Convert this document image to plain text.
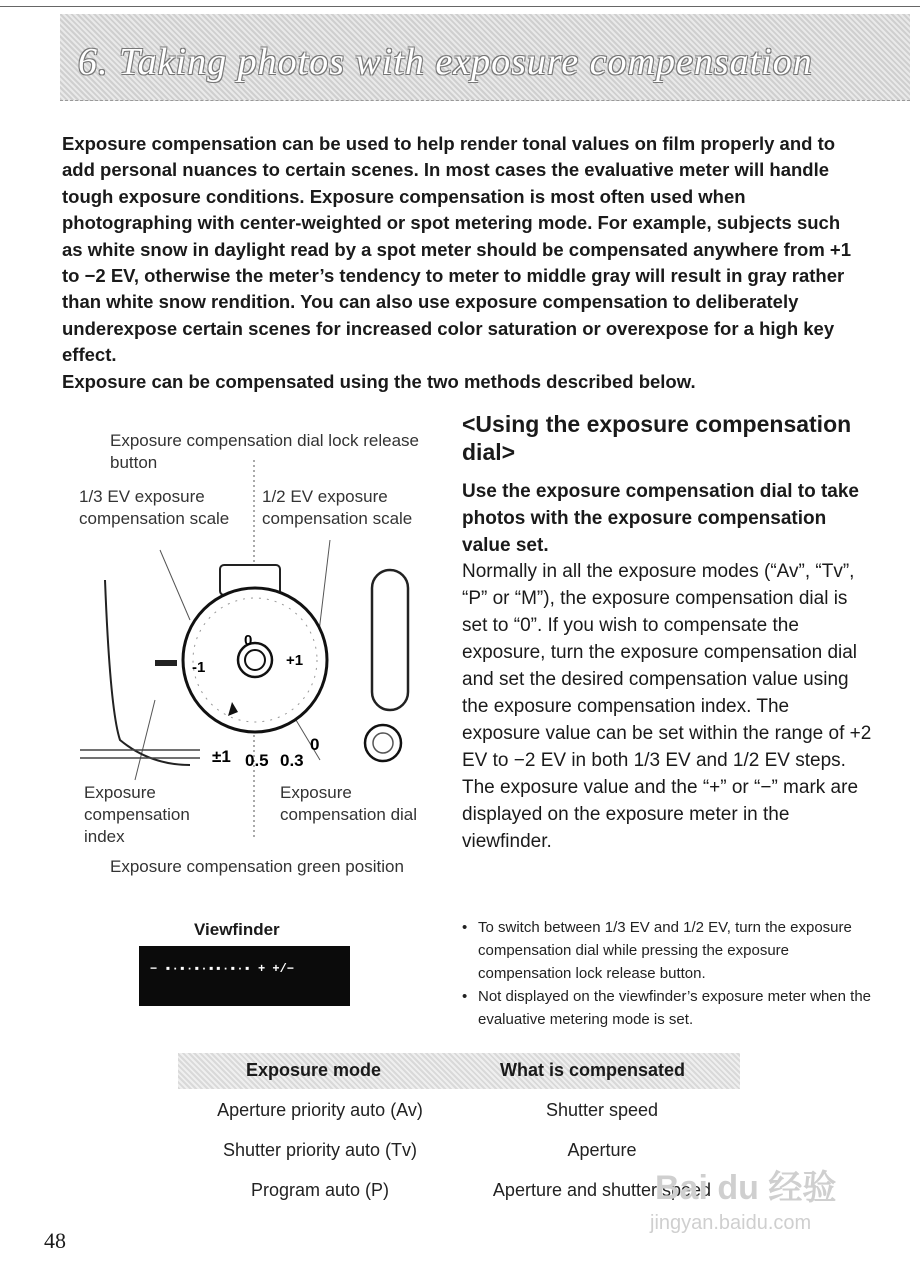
6. Taking photos with exposure compensation

Exposure compensation can be used to help render tonal values on film properly and to add personal nuances to certain scenes. In most cases the evaluative meter will handle tough exposure conditions. Exposure compensation is most often used when photographing with center-weighted or spot metering mode. For example, subjects such as white snow in daylight read by a spot meter should be compensated anywhere from +1 to −2 EV, otherwise the meter’s tendency to meter to middle gray will result in gray rather than white snow rendition. You can also use exposure compensation to deliberately underexpose certain scenes for increased color saturation or overexpose for a high key effect.

Exposure can be compensated using the two methods described below.

-1	+1
0
±1 0.5 0.3
0
Exposure compensation dial lock release button
1/3 EV exposure compensation scale
1/2 EV exposure compensation scale
Exposure compensation index
Exposure compensation dial
Exposure compensation green position
Viewfinder
− ▪·▪·▪·▪▪·▪·▪ + +/−
<Using the exposure compensation dial>
Use the exposure compensation dial to take photos with the exposure compensation value set.

Normally in all the exposure modes (“Av”, “Tv”, “P” or “M”), the exposure compensation dial is set to “0”. If you wish to compensate the exposure, turn the exposure compensation dial and set the desired compensation value using the exposure compensation index. The exposure value can be set within the range of +2 EV to −2 EV in both 1/3 EV and 1/2 EV steps.

The exposure value and the “+” or “−” mark are displayed on the exposure meter in the viewfinder.

• To switch between 1/3 EV and 1/2 EV, turn the exposure compensation dial while pressing the exposure compensation lock release button.
• Not displayed on the viewfinder’s exposure meter when the evaluative metering mode is set.
Exposure mode	What is compensated
Aperture priority auto (Av)	Shutter speed
Shutter priority auto (Tv)	Aperture
Program auto (P)	Aperture and shutter speed
48
Bai du 经验
jingyan.baidu.com
